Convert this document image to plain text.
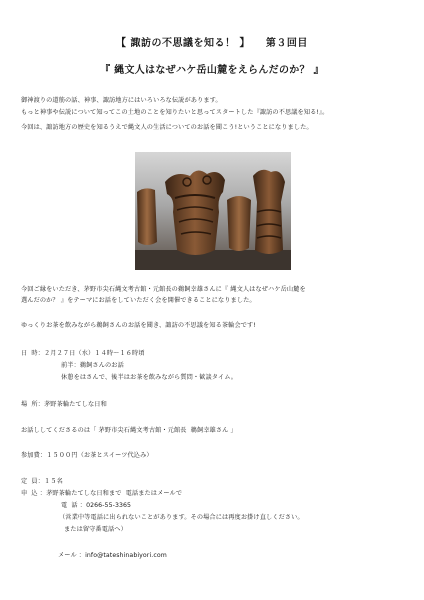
【 諏訪の不思議を知る！ 】    第３回目
『 縄文人はなぜハケ岳山麓をえらんだのか？ 』
御神渡りの道筋の話、神事、諏訪地方にはいろいろな伝説があります。
もっと神事や伝説について知ってこの土地のことを知りたいと思ってスタートした『諏訪の不思議を知る!』。
今回は、諏訪地方の歴史を知るうえで縄文人の生活についてのお話を聞こう!ということになりました。
今回ご縁をいただき、茅野市尖石縄文考古館・元館長の鵜飼幸雄さんに『 縄文人はなぜハケ岳山麓を
選んだのか？ 』をテーマにお話をしていただく会を開催できることになりました。
ゆっくりお茶を飲みながら鵜飼さんのお話を聞き、諏訪の不思議を知る茶輪会です!
日  時：２月２７日（水）１４時～１６時頃
前半：鵜飼さんのお話
休憩をはさんで、後半はお茶を飲みながら質問・歓談タイム。
場  所：茅野茶輪たてしな日和
お話ししてくださるのは「 茅野市尖石縄文考古館・元館長  鵜飼幸雄さん 」
参加費：１５００円（お茶とスイーツ代込み）
定  員：１５名
申  込 ：茅野茶輪たてしな日和まで  電話またはメールで
電  話 ：0266-55-3365
（営業中等電話に出られないことがあります。その場合には再度お掛け直しください。
または留守番電話へ）
メール ：info@tateshinabiyori.com
